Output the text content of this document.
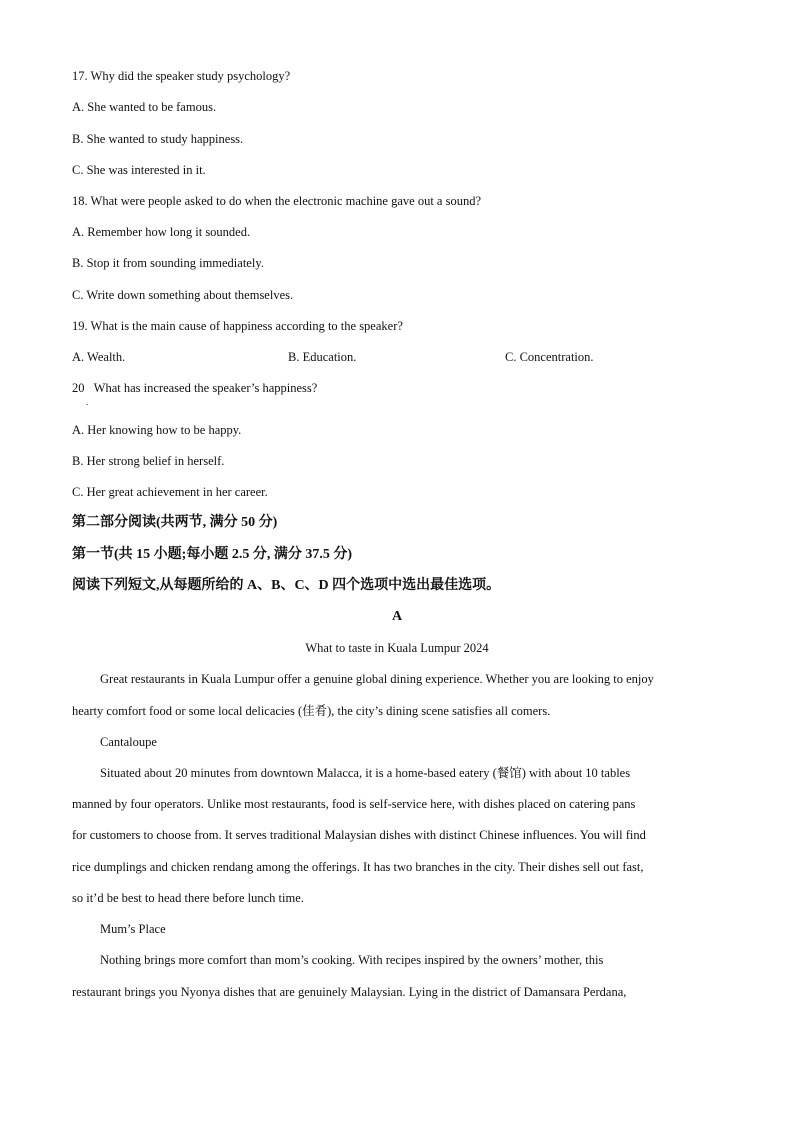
17. Why did the speaker study psychology?
A. She wanted to be famous.
B. She wanted to study happiness.
C. She was interested in it.
18. What were people asked to do when the electronic machine gave out a sound?
A. Remember how long it sounded.
B. Stop it from sounding immediately.
C. Write down something about themselves.
19. What is the main cause of happiness according to the speaker?
A. Wealth.	B. Education.	C. Concentration.
20   What has increased the speaker’s happiness?
.
A. Her knowing how to be happy.
B. Her strong belief in herself.
C. Her great achievement in her career.
第二部分阅读(共两节, 满分 50 分)
第一节(共 15 小题;每小题 2.5 分, 满分 37.5 分)
阅读下列短文,从每题所给的 A、B、C、D 四个选项中选出最佳选项。
A
What to taste in Kuala Lumpur 2024
Great restaurants in Kuala Lumpur offer a genuine global dining experience. Whether you are looking to enjoy
hearty comfort food or some local delicacies (佳肴), the city’s dining scene satisfies all comers.
Cantaloupe
Situated about 20 minutes from downtown Malacca, it is a home-based eatery (餐馆) with about 10 tables
manned by four operators. Unlike most restaurants, food is self-service here, with dishes placed on catering pans
for customers to choose from. It serves traditional Malaysian dishes with distinct Chinese influences. You will find
rice dumplings and chicken rendang among the offerings. It has two branches in the city. Their dishes sell out fast,
so it’d be best to head there before lunch time.
Mum’s Place
Nothing brings more comfort than mom’s cooking. With recipes inspired by the owners’ mother, this
restaurant brings you Nyonya dishes that are genuinely Malaysian. Lying in the district of Damansara Perdana,
